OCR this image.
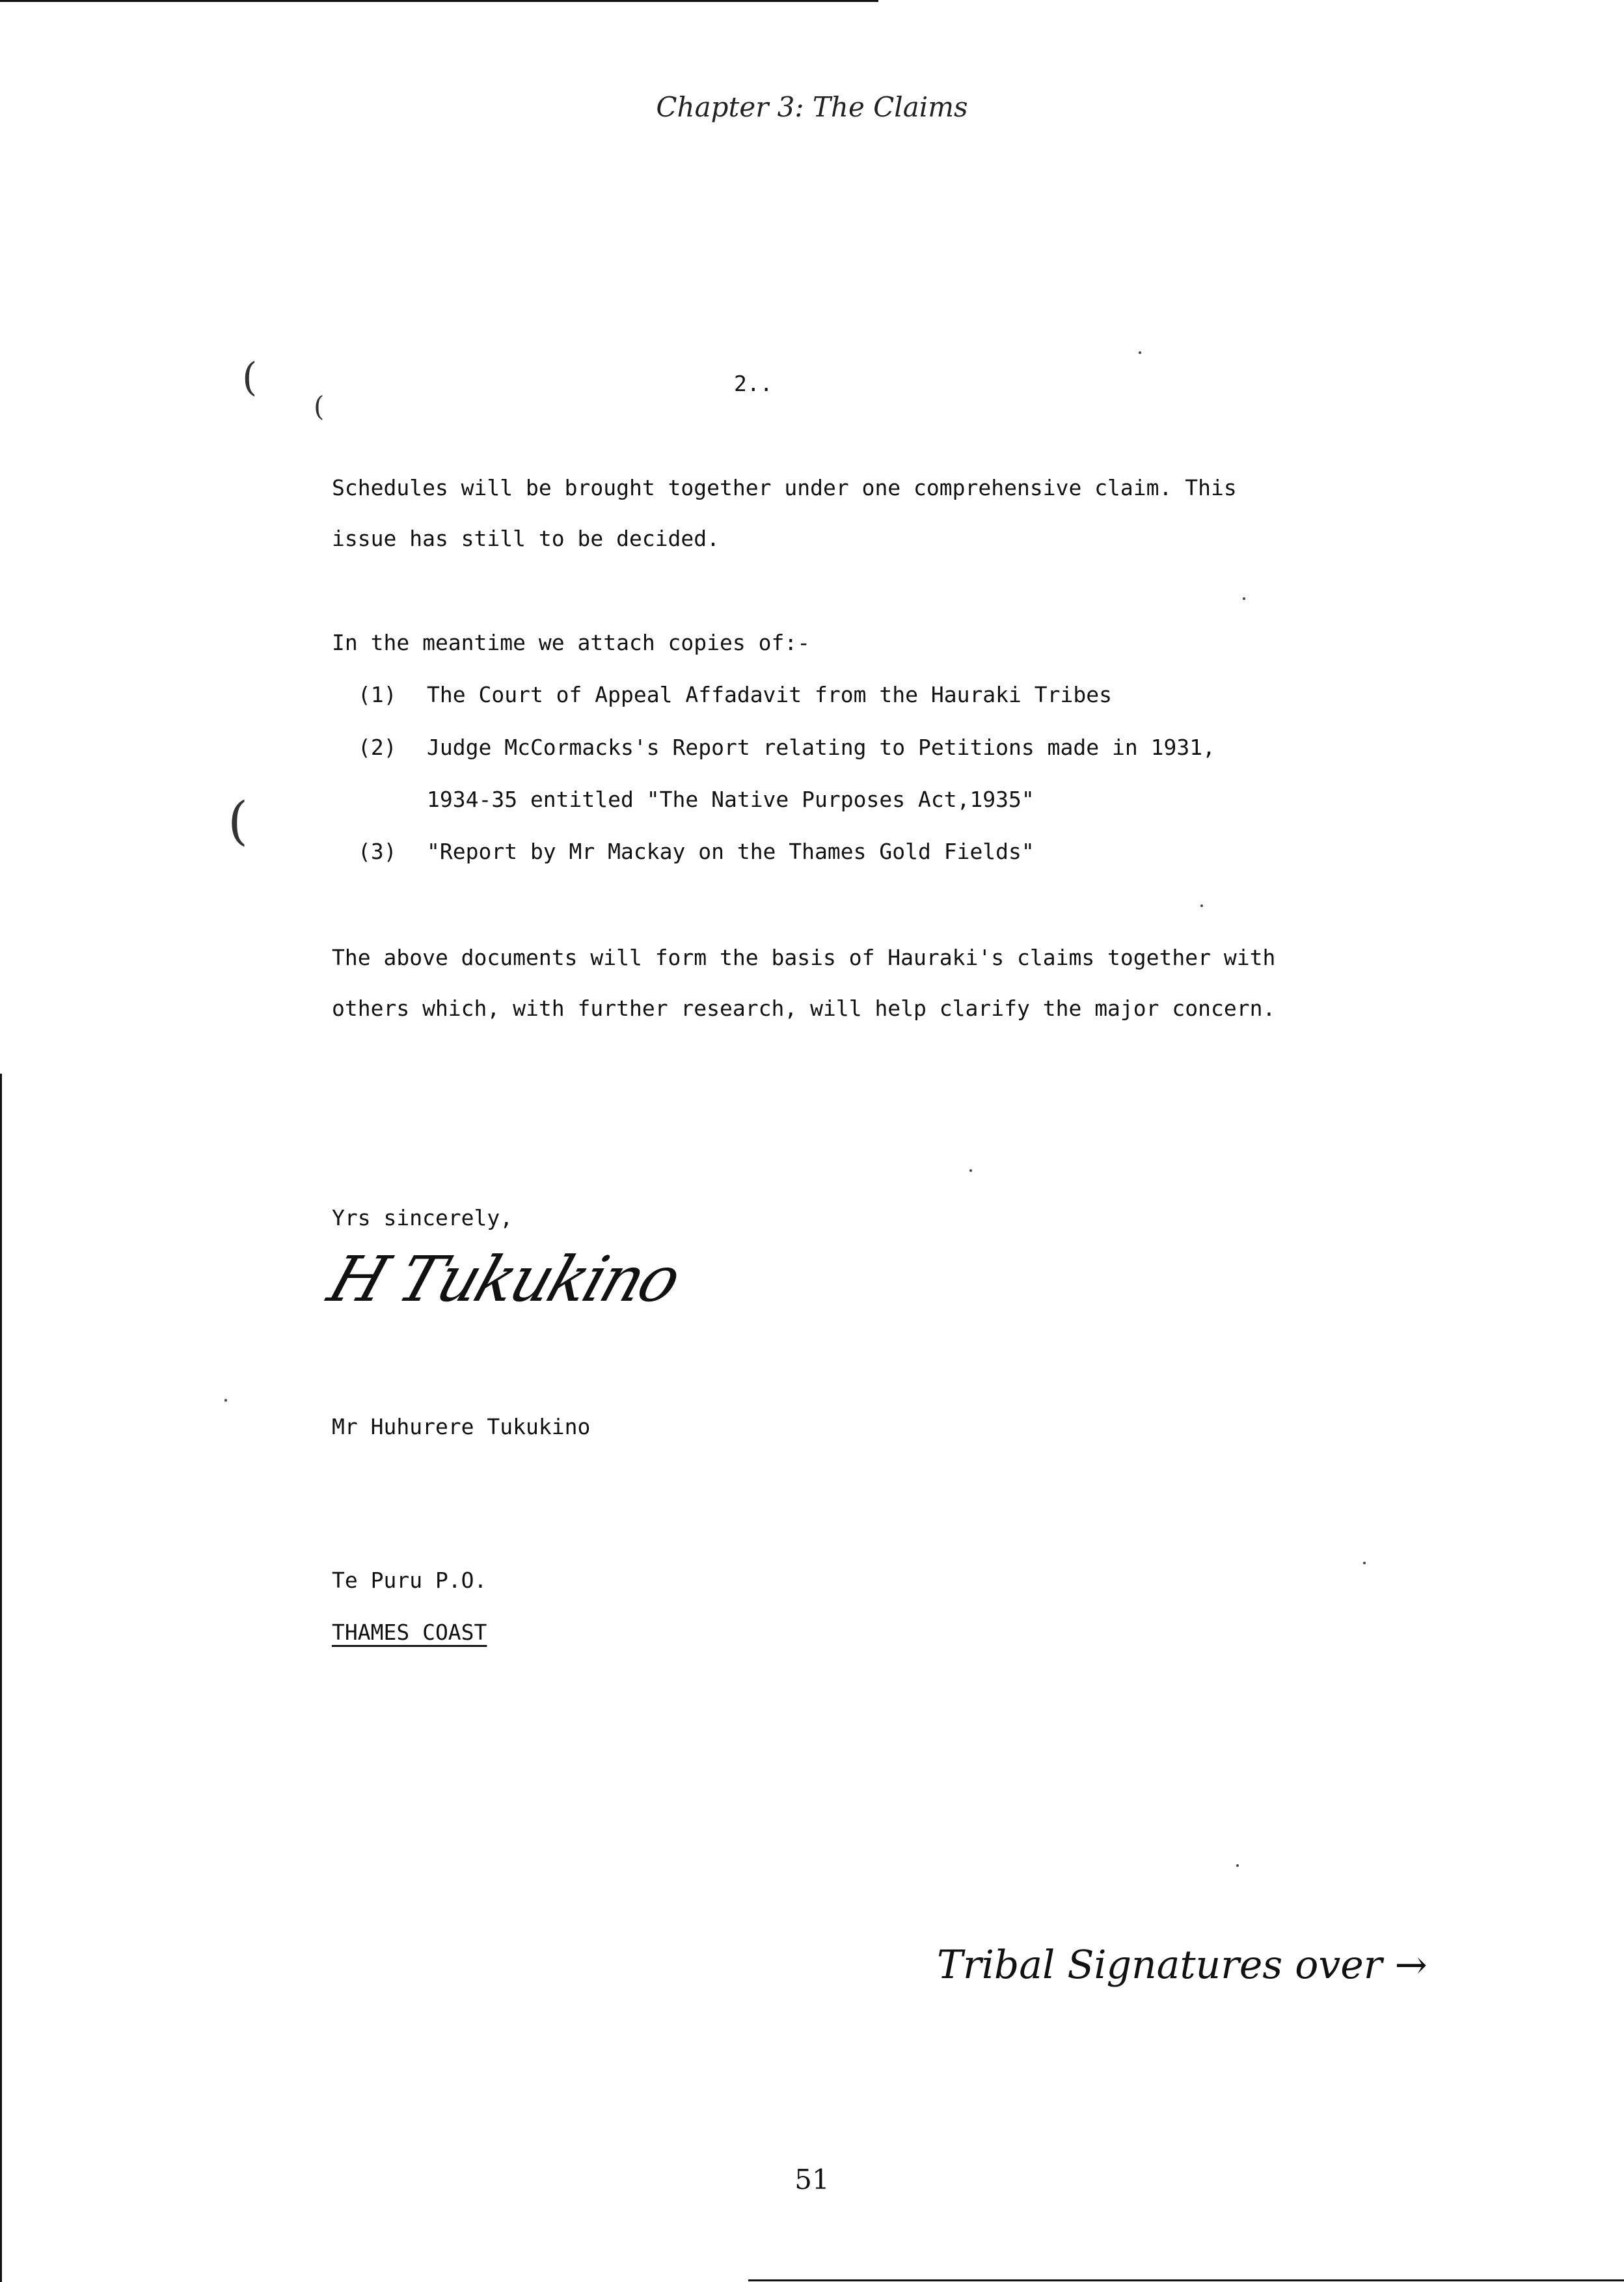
(
(
(
Chapter 3: The Claims
2..
Schedules will be brought together under one comprehensive claim. This
issue has still to be decided.
In the meantime we attach copies of:-
(1) The Court of Appeal Affadavit from the Hauraki Tribes
(2) Judge McCormacks's Report relating to Petitions made in 1931,
1934-35 entitled "The Native Purposes Act,1935"
(3) "Report by Mr Mackay on the Thames Gold Fields"
The above documents will form the basis of Hauraki's claims together with
others which, with further research, will help clarify the major concern.
Yrs sincerely,
H Tukukino
Mr Huhurere Tukukino
Te Puru P.O.
THAMES COAST
Tribal Signatures over →
51
